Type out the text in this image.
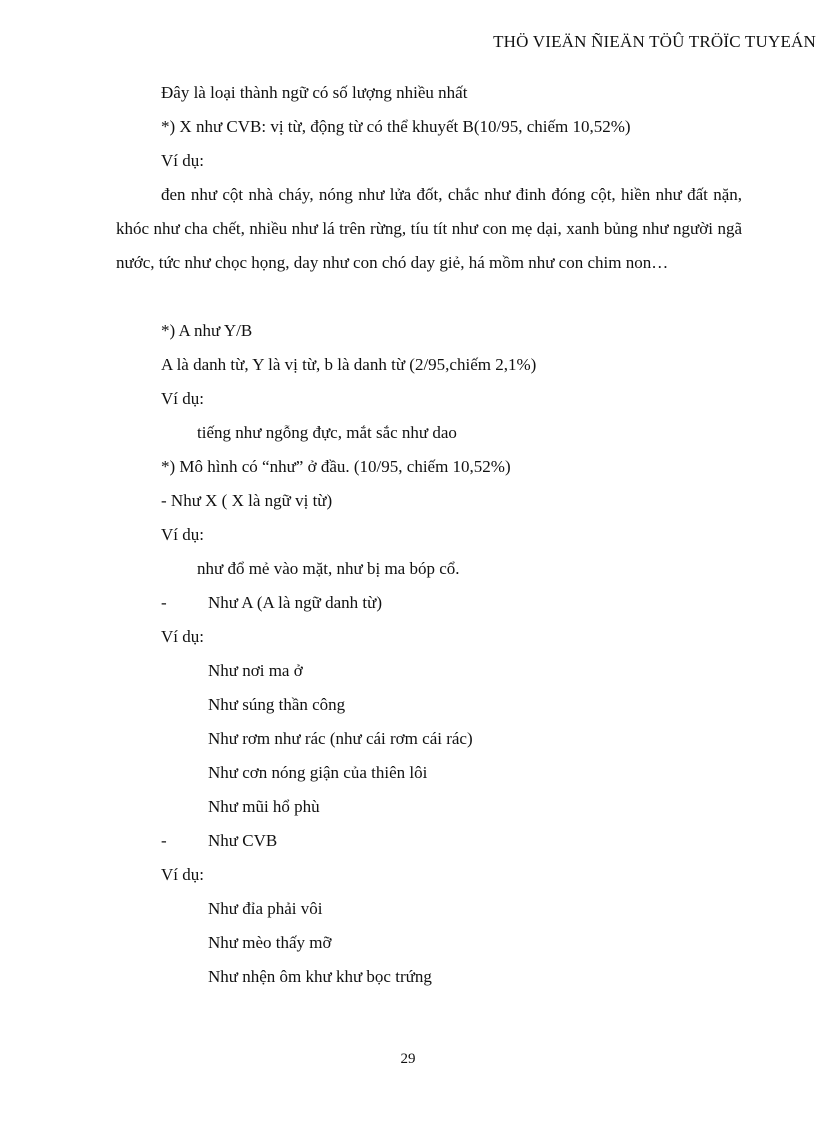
THÖ VIEÄN ÑIEÄN TÖÛ TRÖÏC TUYEÁN
Đây là loại thành ngữ có số lượng nhiều nhất
*) X như CVB: vị từ, động từ có thể khuyết B(10/95, chiếm 10,52%)
Ví dụ:
đen như cột nhà cháy, nóng như lửa đốt, chắc như đinh đóng cột, hiền như đất nặn, khóc như cha chết, nhiều như lá trên rừng, tíu tít như con mẹ dại, xanh bủng như người ngã nước, tức như chọc họng, day như con chó day giẻ, há mồm như con chim non…
*) A như Y/B
A là danh từ, Y là vị từ, b là danh từ (2/95,chiếm 2,1%)
Ví dụ:
tiếng như ngỗng đực, mắt sắc như dao
*) Mô hình có “như” ở đầu. (10/95, chiếm 10,52%)
- Như X ( X là ngữ vị từ)
Ví dụ:
như đổ mẻ vào mặt, như bị ma bóp cổ.
- Như A (A là ngữ danh từ)
Ví dụ:
Như nơi ma ở
Như súng thần công
Như rơm như rác (như cái rơm cái rác)
Như cơn nóng giận của thiên lôi
Như mũi hổ phù
- Như CVB
Ví dụ:
Như đỉa phải vôi
Như mèo thấy mỡ
Như nhện ôm khư khư bọc trứng
29
